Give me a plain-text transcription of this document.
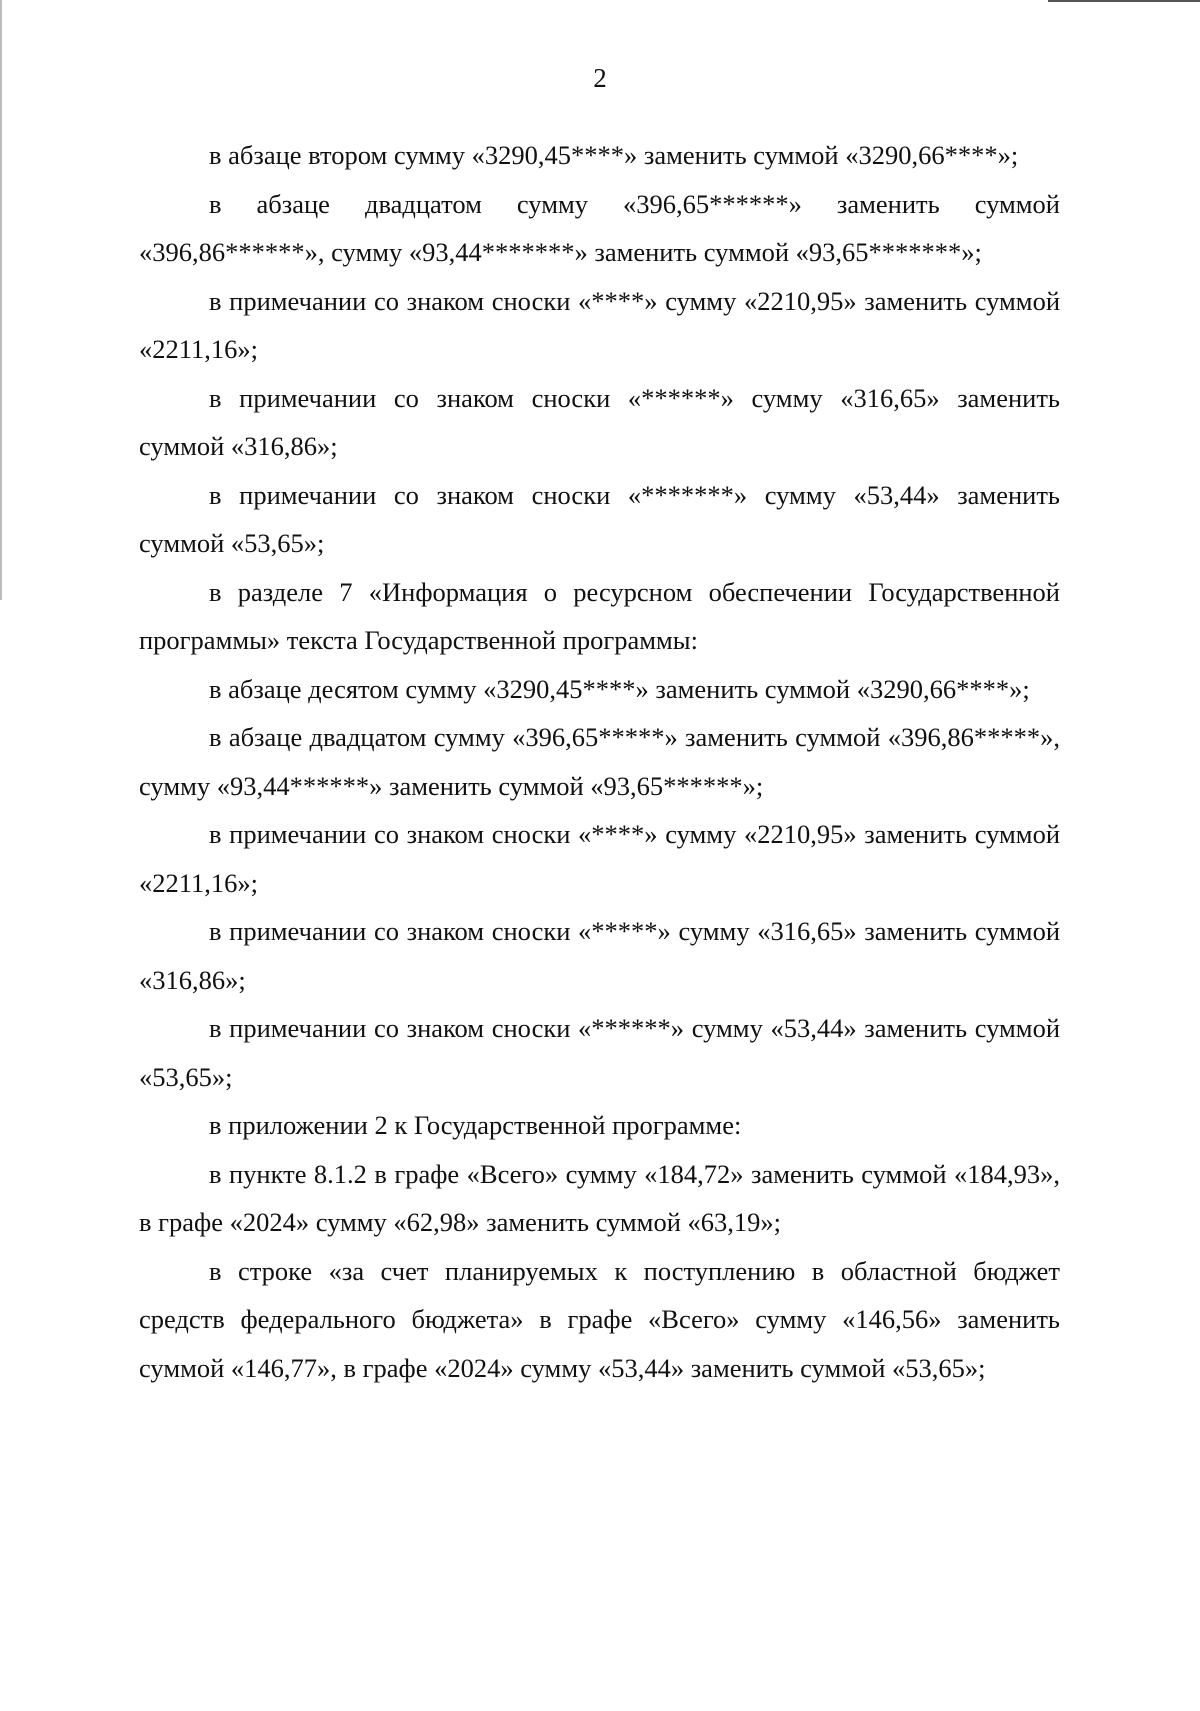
2

в абзаце втором сумму «3290,45****» заменить суммой «3290,66****»;

в абзаце двадцатом сумму «396,65******» заменить суммой «396,86******», сумму «93,44*******» заменить суммой «93,65*******»;

в примечании со знаком сноски «****» сумму «2210,95» заменить суммой «2211,16»;

в примечании со знаком сноски «******» сумму «316,65» заменить суммой «316,86»;

в примечании со знаком сноски «*******» сумму «53,44» заменить суммой «53,65»;

в разделе 7 «Информация о ресурсном обеспечении Государственной программы» текста Государственной программы:

в абзаце десятом сумму «3290,45****» заменить суммой «3290,66****»;

в абзаце двадцатом сумму «396,65*****» заменить суммой «396,86*****», сумму «93,44******» заменить суммой «93,65******»;

в примечании со знаком сноски «****» сумму «2210,95» заменить суммой «2211,16»;

в примечании со знаком сноски «*****» сумму «316,65» заменить суммой «316,86»;

в примечании со знаком сноски «******» сумму «53,44» заменить суммой «53,65»;

в приложении 2 к Государственной программе:

в пункте 8.1.2 в графе «Всего» сумму «184,72» заменить суммой «184,93», в графе «2024» сумму «62,98» заменить суммой «63,19»;

в строке «за счет планируемых к поступлению в областной бюджет средств федерального бюджета» в графе «Всего» сумму «146,56» заменить суммой «146,77», в графе «2024» сумму «53,44» заменить суммой «53,65»;
